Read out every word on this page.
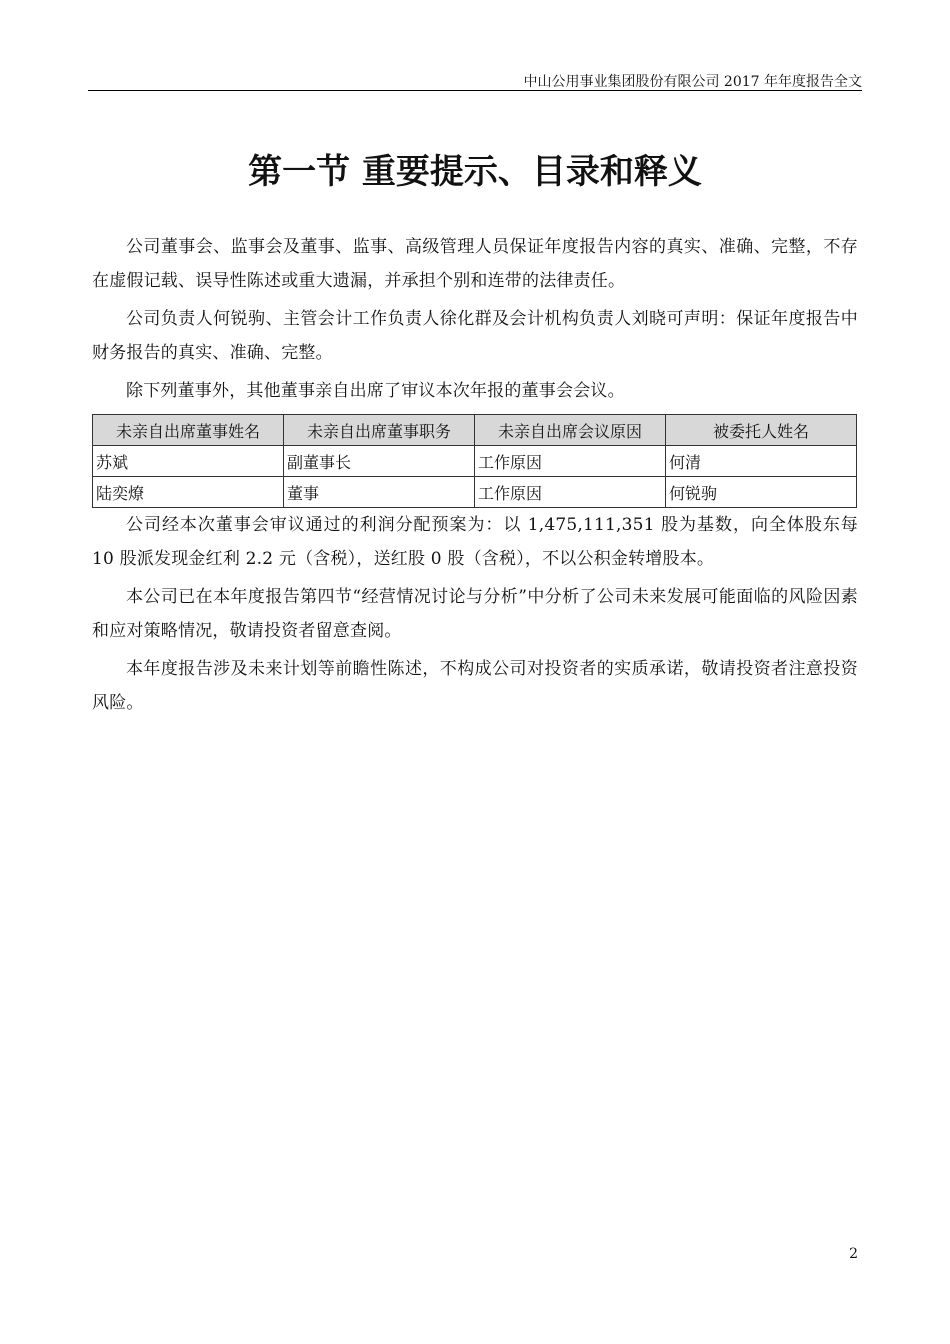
中山公用事业集团股份有限公司 2017 年年度报告全文
第一节 重要提示、目录和释义

公司董事会、监事会及董事、监事、高级管理人员保证年度报告内容的真实、准确、完整，不存在虚假记载、误导性陈述或重大遗漏，并承担个别和连带的法律责任。

公司负责人何锐驹、主管会计工作负责人徐化群及会计机构负责人刘晓可声明：保证年度报告中财务报告的真实、准确、完整。

除下列董事外，其他董事亲自出席了审议本次年报的董事会会议。

未亲自出席董事姓名	未亲自出席董事职务	未亲自出席会议原因	被委托人姓名
苏斌	副董事长	工作原因	何清
陆奕燎	董事	工作原因	何锐驹

公司经本次董事会审议通过的利润分配预案为：以 1,475,111,351 股为基数，向全体股东每 10 股派发现金红利 2.2 元（含税），送红股 0 股（含税），不以公积金转增股本。

本公司已在本年度报告第四节“经营情况讨论与分析”中分析了公司未来发展可能面临的风险因素和应对策略情况，敬请投资者留意查阅。

本年度报告涉及未来计划等前瞻性陈述，不构成公司对投资者的实质承诺，敬请投资者注意投资风险。

2
